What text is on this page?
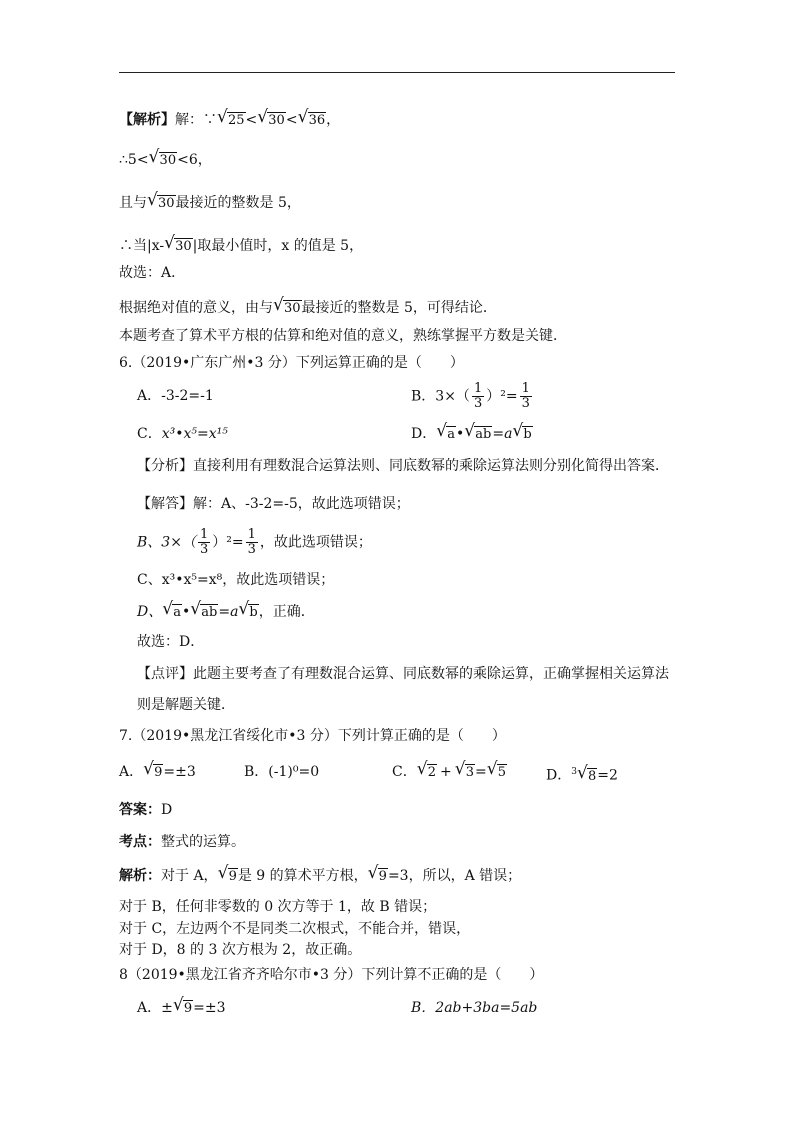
【解析】解：∵ √ 25< √ 30< √ 36，
∴5< √ 30<6，
且与 √ 30最接近的整数是 5，
∴当|x- √ 30|取最小值时，x 的值是 5，
故选：A．
根据绝对值的意义，由与 √ 30最接近的整数是 5，可得结论．
本题考查了算术平方根的估算和绝对值的意义，熟练掌握平方数是关键．
6.（2019•广东广州•3 分）下列运算正确的是（　　）
A．-3-2=-1	B．$3\times( \frac{1}{3} )^2= \frac{1}{3}$
C．x³•x⁵=x¹⁵	D． √ a• √ ab=a √ b
【分析】直接利用有理数混合运算法则、同底数幂的乘除运算法则分别化简得出答案．
【解答】解：A、-3-2=-5，故此选项错误；
B、$3\times( \frac{1}{3} )^2= \frac{1}{3}$ ，故此选项错误；
C、x³•x⁵=x⁸，故此选项错误；
D、 √ a• √ ab=a √ b，正确．
故选：D．
【点评】此题主要考查了有理数混合运算、同底数幂的乘除运算，正确掌握相关运算法
则是解题关键．
7.（2019•黑龙江省绥化市•3 分）下列计算正确的是（　　）
A． √ 9=±3	B．(-1)⁰=0	C． √ 2 + √ 3= √ 5	D．$^3$ √ 8=2
答案：D
考点：整式的运算。
解析：对于 A， √ 9是 9 的算术平方根， √ 9=3，所以，A 错误；
对于 B，任何非零数的 0 次方等于 1，故 B 错误；
对于 C，左边两个不是同类二次根式，不能合并，错误，
对于 D，8 的 3 次方根为 2，故正确。
8（2019•黑龙江省齐齐哈尔市•3 分）下列计算不正确的是（　　）
A．± √ 9=±3	B．2ab+3ba=5ab
